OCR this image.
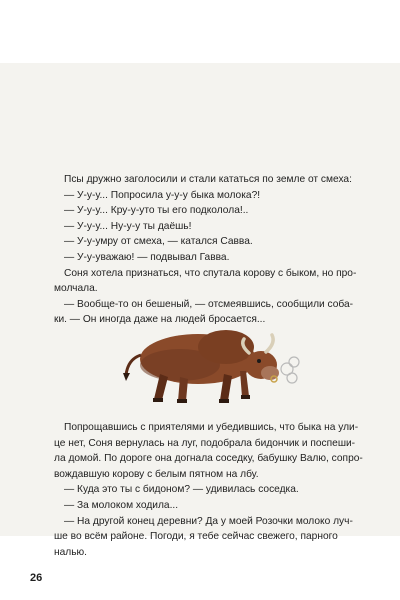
Псы дружно заголосили и стали кататься по земле от смеха:

— У-у-у... Попросила у-у-у быка молока?!

— У-у-у... Кру-у-уто ты его подколола!..

— У-у-у... Ну-у-у ты даёшь!

— У-у-умру от смеха, — катался Савва.

— У-у-уважаю! — подвывал Гавва.

Соня хотела признаться, что спутала корову с быком, но про-

молчала.

— Вообще-то он бешеный, — отсмеявшись, сообщили соба-

ки. — Он иногда даже на людей бросается...

Попрощавшись с приятелями и убедившись, что быка на ули-

це нет, Соня вернулась на луг, подобрала бидончик и поспеши-

ла домой. По дороге она догнала соседку, бабушку Валю, сопро-

вождавшую корову с белым пятном на лбу.

— Куда это ты с бидоном? — удивилась соседка.

— За молоком ходила...

— На другой конец деревни? Да у моей Розочки молоко луч-

ше во всём районе. Погоди, я тебе сейчас свежего, парного

налью.

26
